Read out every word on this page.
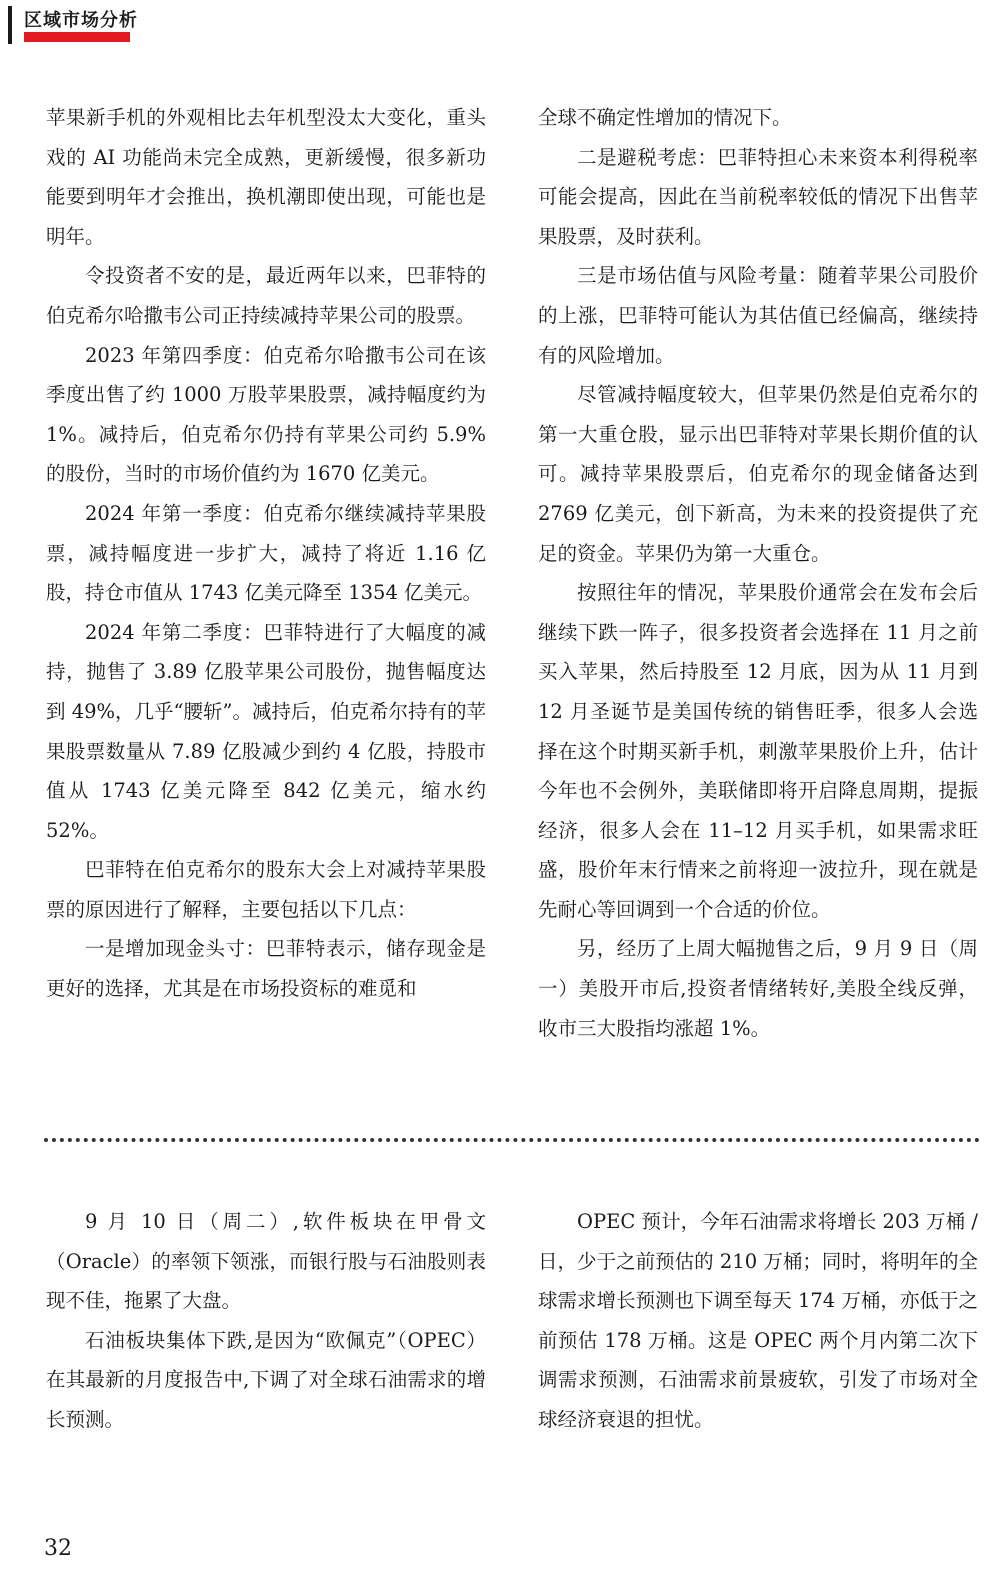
区域市场分析

苹果新手机的外观相比去年机型没太大变化，重头戏的 AI 功能尚未完全成熟，更新缓慢，很多新功能要到明年才会推出，换机潮即使出现，可能也是明年。

令投资者不安的是，最近两年以来，巴菲特的伯克希尔哈撒韦公司正持续减持苹果公司的股票。

2023 年第四季度：伯克希尔哈撒韦公司在该季度出售了约 1000 万股苹果股票，减持幅度约为 1%。减持后，伯克希尔仍持有苹果公司约 5.9% 的股份，当时的市场价值约为 1670 亿美元。

2024 年第一季度：伯克希尔继续减持苹果股票，减持幅度进一步扩大，减持了将近 1.16 亿股，持仓市值从 1743 亿美元降至 1354 亿美元。

2024 年第二季度：巴菲特进行了大幅度的减持，抛售了 3.89 亿股苹果公司股份，抛售幅度达到 49%，几乎“腰斩”。减持后，伯克希尔持有的苹果股票数量从 7.89 亿股减少到约 4 亿股，持股市值从 1743 亿美元降至 842 亿美元，缩水约 52%。

巴菲特在伯克希尔的股东大会上对减持苹果股票的原因进行了解释，主要包括以下几点：

一是增加现金头寸：巴菲特表示，储存现金是更好的选择，尤其是在市场投资标的难觅和

全球不确定性增加的情况下。

二是避税考虑：巴菲特担心未来资本利得税率可能会提高，因此在当前税率较低的情况下出售苹果股票，及时获利。

三是市场估值与风险考量：随着苹果公司股价的上涨，巴菲特可能认为其估值已经偏高，继续持有的风险增加。

尽管减持幅度较大，但苹果仍然是伯克希尔的第一大重仓股，显示出巴菲特对苹果长期价值的认可。减持苹果股票后，伯克希尔的现金储备达到 2769 亿美元，创下新高，为未来的投资提供了充足的资金。苹果仍为第一大重仓。

按照往年的情况，苹果股价通常会在发布会后继续下跌一阵子，很多投资者会选择在 11 月之前买入苹果，然后持股至 12 月底，因为从 11 月到 12 月圣诞节是美国传统的销售旺季，很多人会选择在这个时期买新手机，刺激苹果股价上升，估计今年也不会例外，美联储即将开启降息周期，提振经济，很多人会在 11–12 月买手机，如果需求旺盛，股价年末行情来之前将迎一波拉升，现在就是先耐心等回调到一个合适的价位。

另，经历了上周大幅抛售之后，9 月 9 日（周一）美股开市后,投资者情绪转好,美股全线反弹，收市三大股指均涨超 1%。

9 月 10 日（周二）,软件板块在甲骨文（Oracle）的率领下领涨，而银行股与石油股则表现不佳，拖累了大盘。

石油板块集体下跌,是因为“欧佩克”（OPEC）在其最新的月度报告中,下调了对全球石油需求的增长预测。

OPEC 预计，今年石油需求将增长 203 万桶 / 日，少于之前预估的 210 万桶；同时，将明年的全球需求增长预测也下调至每天 174 万桶，亦低于之前预估 178 万桶。这是 OPEC 两个月内第二次下调需求预测，石油需求前景疲软，引发了市场对全球经济衰退的担忧。

32
